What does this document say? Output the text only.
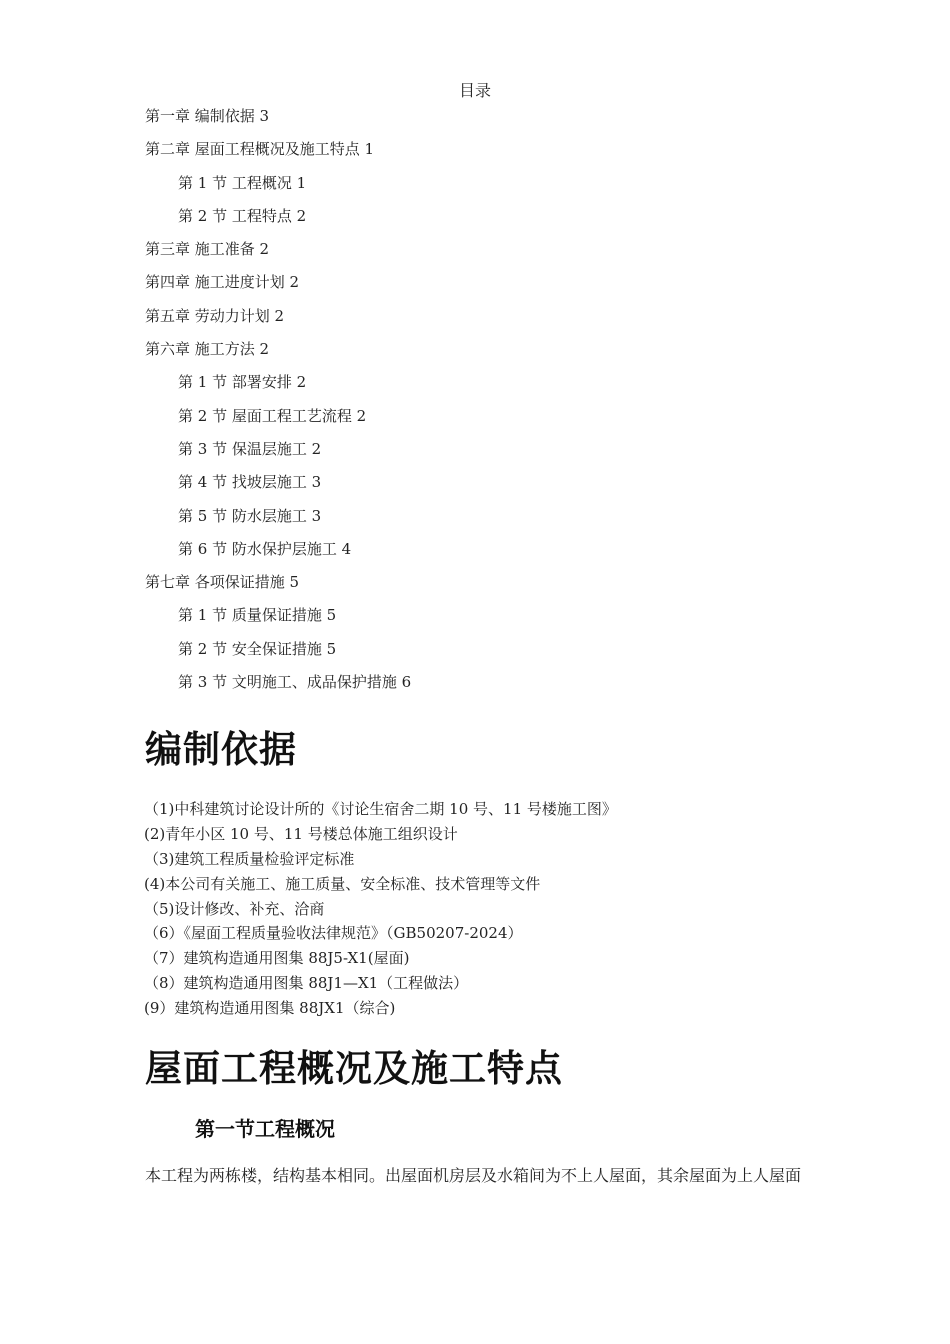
目录
第一章 编制依据 3
第二章 屋面工程概况及施工特点 1
第 1 节 工程概况 1
第 2 节 工程特点 2
第三章 施工准备 2
第四章 施工进度计划 2
第五章 劳动力计划 2
第六章 施工方法 2
第 1 节 部署安排 2
第 2 节 屋面工程工艺流程 2
第 3 节 保温层施工 2
第 4 节 找坡层施工 3
第 5 节 防水层施工 3
第 6 节 防水保护层施工 4
第七章 各项保证措施 5
第 1 节 质量保证措施 5
第 2 节 安全保证措施 5
第 3 节 文明施工、成品保护措施 6
编制依据
（1)中科建筑讨论设计所的《讨论生宿舍二期 10 号、11 号楼施工图》
(2)青年小区 10 号、11 号楼总体施工组织设计
（3)建筑工程质量检验评定标准
(4)本公司有关施工、施工质量、安全标准、技术管理等文件
（5)设计修改、补充、洽商
（6）《屋面工程质量验收法律规范》（GB50207-2024）
（7）建筑构造通用图集 88J5-X1(屋面)
（8）建筑构造通用图集 88J1—X1（工程做法）
(9）建筑构造通用图集 88JX1（综合)
屋面工程概况及施工特点
第一节工程概况
本工程为两栋楼，结构基本相同。出屋面机房层及水箱间为不上人屋面，其余屋面为上人屋面
